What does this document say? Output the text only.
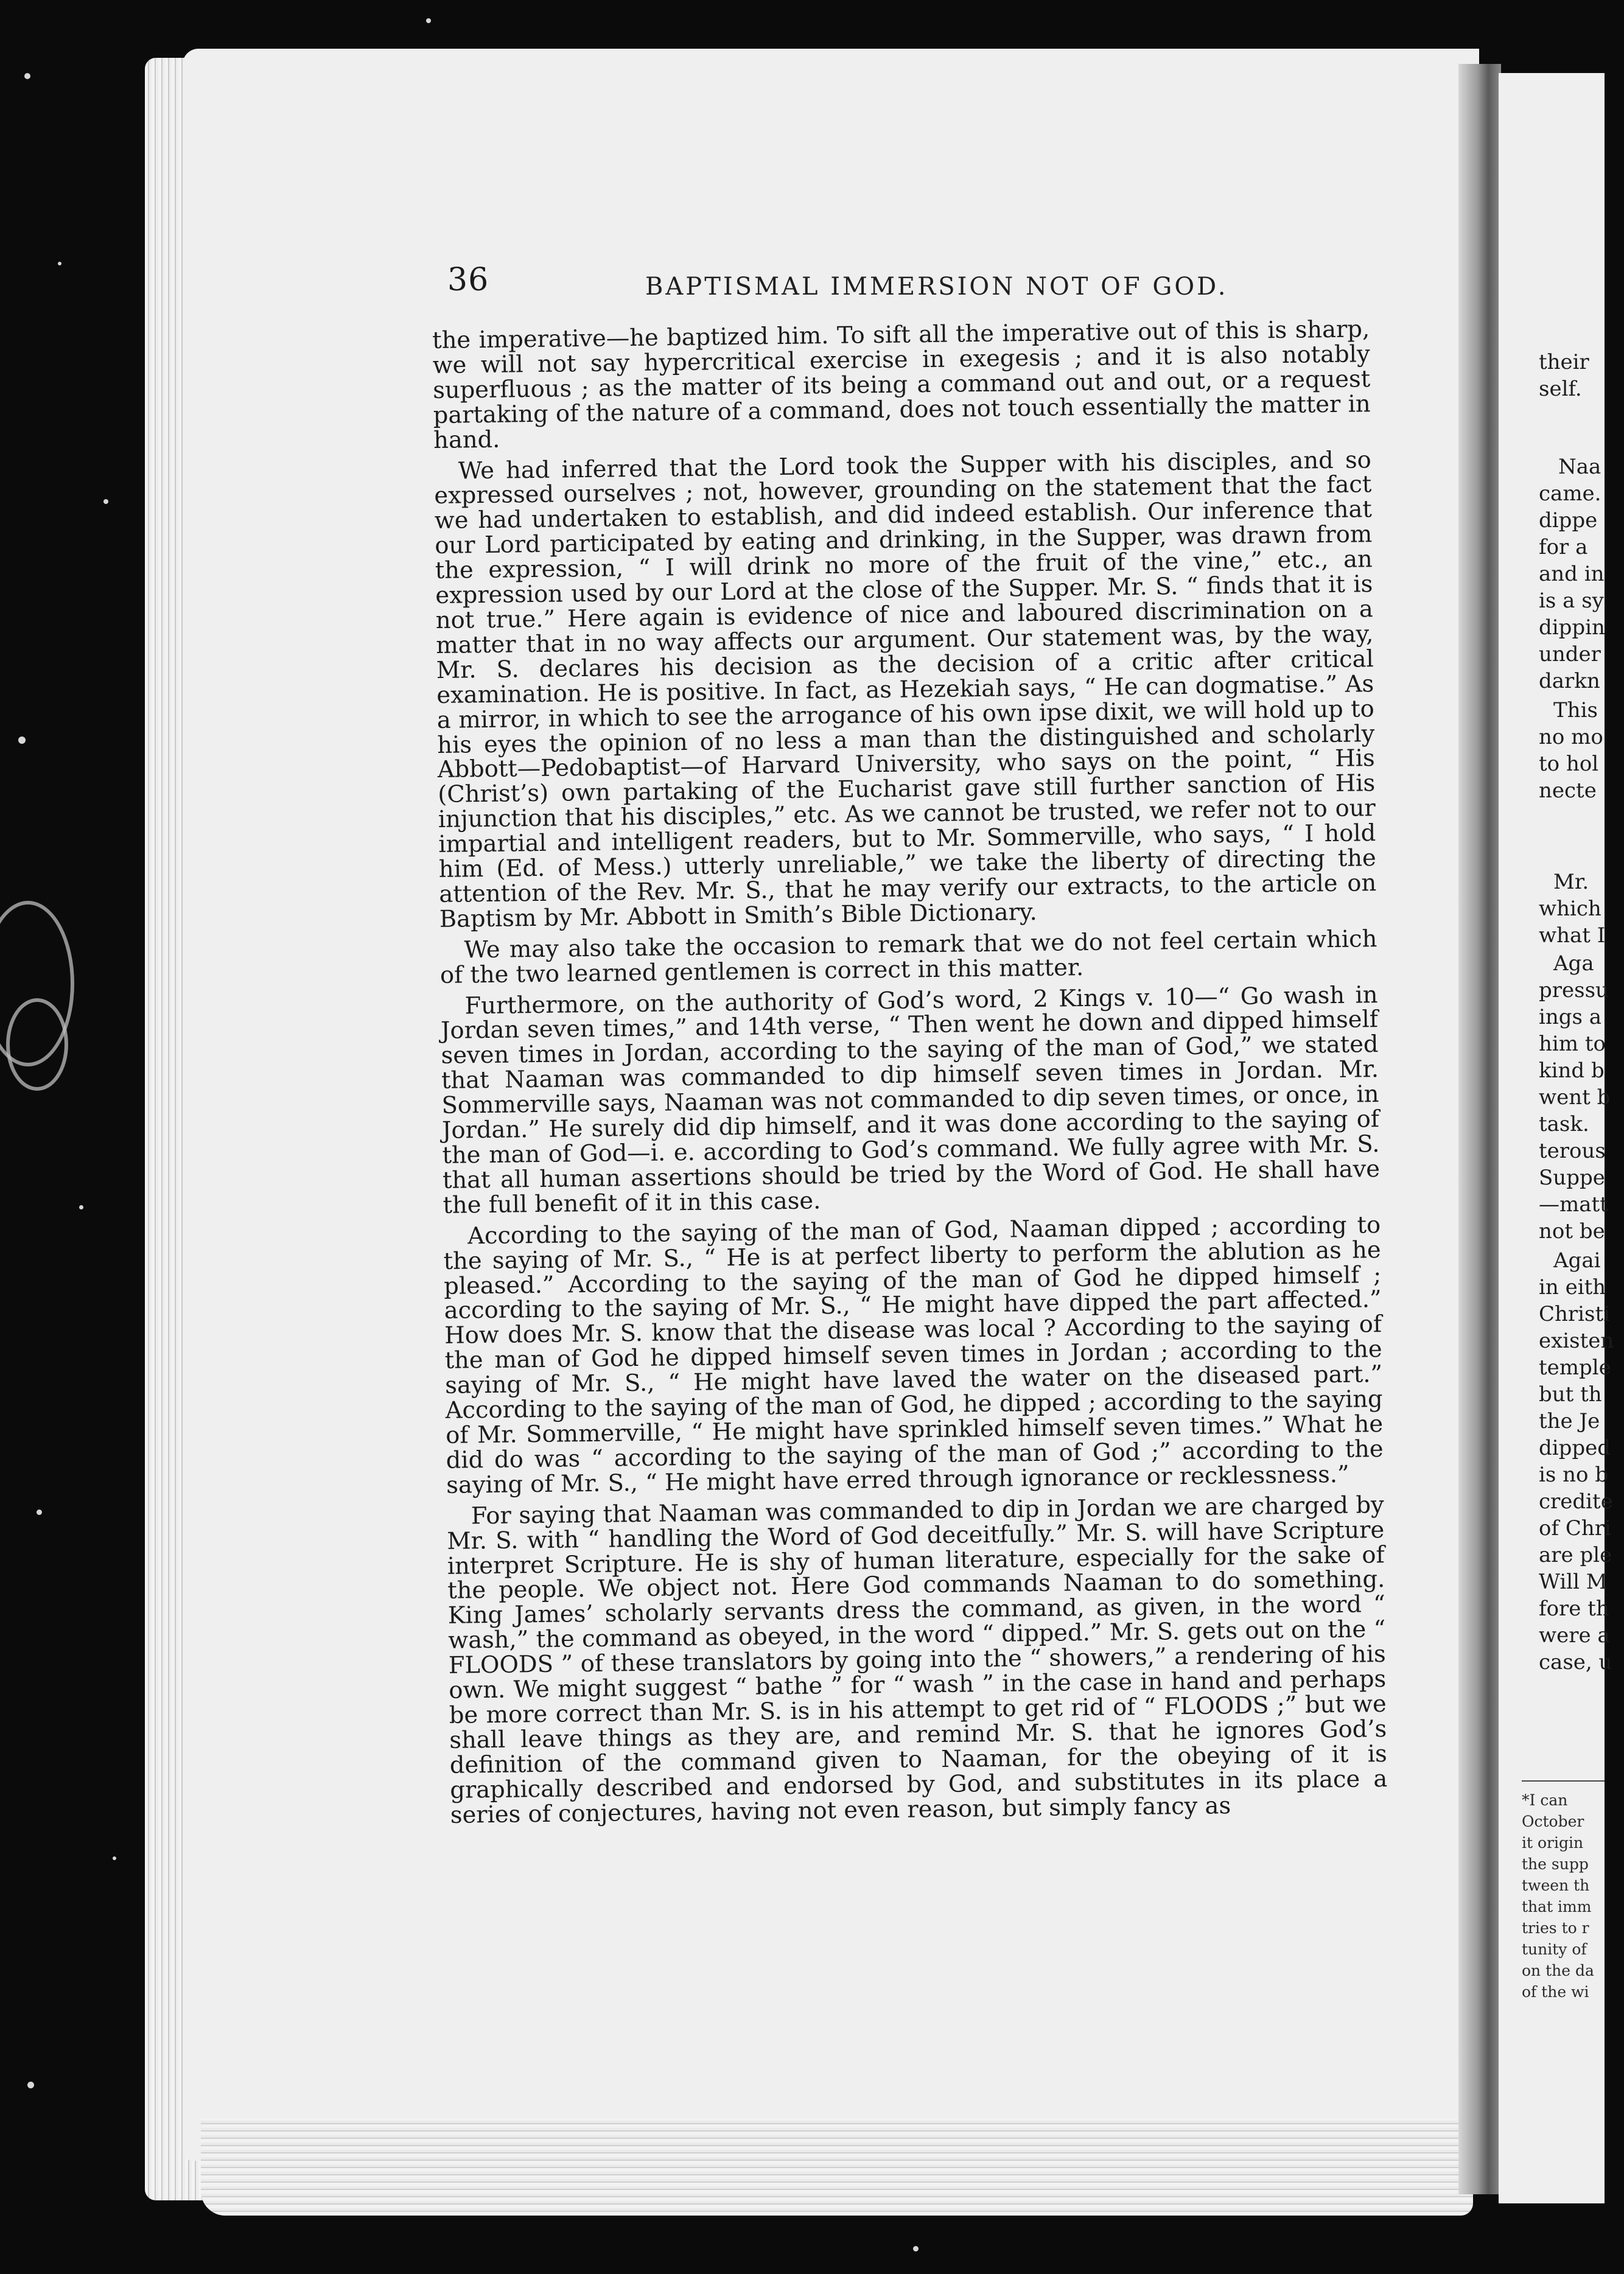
36	BAPTISMAL IMMERSION NOT OF GOD.

the imperative—he baptized him. To sift all the imperative out of this is sharp, we will not say hypercritical exercise in exegesis ; and it is also notably superfluous ; as the matter of its being a command out and out, or a request partaking of the nature of a command, does not touch essentially the matter in hand.

We had inferred that the Lord took the Supper with his disciples, and so expressed ourselves ; not, however, grounding on the statement that the fact we had undertaken to establish, and did indeed establish. Our inference that our Lord participated by eating and drinking, in the Supper, was drawn from the expression, “ I will drink no more of the fruit of the vine,” etc., an expression used by our Lord at the close of the Supper. Mr. S. “ finds that it is not true.” Here again is evidence of nice and laboured discrimination on a matter that in no way affects our argument. Our statement was, by the way, Mr. S. declares his decision as the decision of a critic after critical examination. He is positive. In fact, as Hezekiah says, “ He can dogmatise.” As a mirror, in which to see the arrogance of his own ipse dixit, we will hold up to his eyes the opinion of no less a man than the distinguished and scholarly Abbott—Pedobaptist—of Harvard University, who says on the point, “ His (Christ’s) own partaking of the Eucharist gave still further sanction of His injunction that his disciples,” etc. As we cannot be trusted, we refer not to our impartial and intelligent readers, but to Mr. Sommerville, who says, “ I hold him (Ed. of Mess.) utterly unreliable,” we take the liberty of directing the attention of the Rev. Mr. S., that he may verify our extracts, to the article on Baptism by Mr. Abbott in Smith’s Bible Dictionary.

We may also take the occasion to remark that we do not feel certain which of the two learned gentlemen is correct in this matter.

Furthermore, on the authority of God’s word, 2 Kings v. 10—“ Go wash in Jordan seven times,” and 14th verse, “ Then went he down and dipped himself seven times in Jordan, according to the saying of the man of God,” we stated that Naaman was commanded to dip himself seven times in Jordan. Mr. Sommerville says, Naaman was not commanded to dip seven times, or once, in Jordan.” He surely did dip himself, and it was done according to the saying of the man of God—i. e. according to God’s command. We fully agree with Mr. S. that all human assertions should be tried by the Word of God. He shall have the full benefit of it in this case.

According to the saying of the man of God, Naaman dipped ; according to the saying of Mr. S., “ He is at perfect liberty to perform the ablution as he pleased.” According to the saying of the man of God he dipped himself ; according to the saying of Mr. S., “ He might have dipped the part affected.” How does Mr. S. know that the disease was local ? According to the saying of the man of God he dipped himself seven times in Jordan ; according to the saying of Mr. S., “ He might have laved the water on the diseased part.” According to the saying of the man of God, he dipped ; according to the saying of Mr. Sommerville, “ He might have sprinkled himself seven times.” What he did do was “ according to the saying of the man of God ;” according to the saying of Mr. S., “ He might have erred through ignorance or recklessness.”

For saying that Naaman was commanded to dip in Jordan we are charged by Mr. S. with “ handling the Word of God deceitfully.” Mr. S. will have Scripture interpret Scripture. He is shy of human literature, especially for the sake of the people. We object not. Here God commands Naaman to do something. King James’ scholarly servants dress the command, as given, in the word “ wash,” the command as obeyed, in the word “ dipped.” Mr. S. gets out on the “ FLOODS ” of these translators by going into the “ showers,” a rendering of his own. We might suggest “ bathe ” for “ wash ” in the case in hand and perhaps be more correct than Mr. S. is in his attempt to get rid of “ FLOODS ;” but we shall leave things as they are, and remind Mr. S. that he ignores God’s definition of the command given to Naaman, for the obeying of it is graphically described and endorsed by God, and substitutes in its place a series of conjectures, having not even reason, but simply fancy as

their
self.
Naa
came.
dippe
for a
and in
is a sy
dippin
under
darkn
This
no mo
to hol
necte
Mr.
which
what I
Aga
pressu
ings a
him to
kind b
went b
task.
terous
Suppe
—matt
not be
Agai
in eith
Christi
existen
temple
but th
the Je
dipped
is no b
credite
of Chri
are ple
Will M
fore th
were a
case, u
*I can
October
it origin
the supp
tween th
that imm
tries to r
tunity of
on the da
of the wi
